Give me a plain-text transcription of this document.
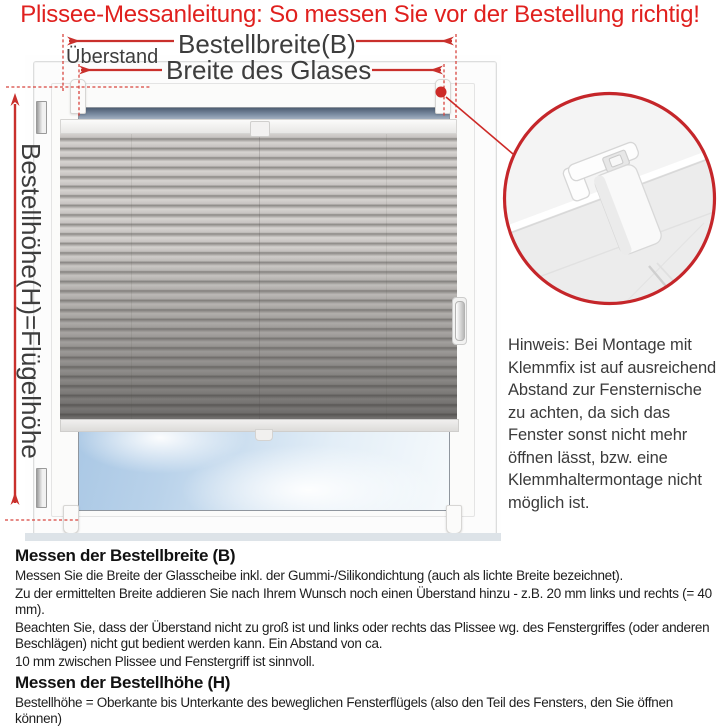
Plissee-Messanleitung: So messen Sie vor der Bestellung richtig!
Bestellbreite(B)
Überstand Breite des Glases
Bestellhöhe(H)=Flügelhöhe	Hinweis: Bei Montage mit Klemmfix ist auf ausreichend Abstand zur Fensternische zu achten, da sich das Fenster sonst nicht mehr öffnen lässt, bzw. eine Klemmhaltermontage nicht möglich ist.
Messen der Bestellbreite (B)

Messen Sie die Breite der Glasscheibe inkl. der Gummi-/Silikondichtung (auch als lichte Breite bezeichnet).

Zu der ermittelten Breite addieren Sie nach Ihrem Wunsch noch einen Überstand hinzu - z.B. 20 mm links und rechts (= 40 mm).

Beachten Sie, dass der Überstand nicht zu groß ist und links oder rechts das Plissee wg. des Fenstergriffes (oder anderen Beschlägen) nicht gut bedient werden kann. Ein Abstand von ca.

10 mm zwischen Plissee und Fenstergriff ist sinnvoll.

Messen der Bestellhöhe (H)

Bestellhöhe = Oberkante bis Unterkante des beweglichen Fensterflügels (also den Teil des Fensters, den Sie öffnen können)
